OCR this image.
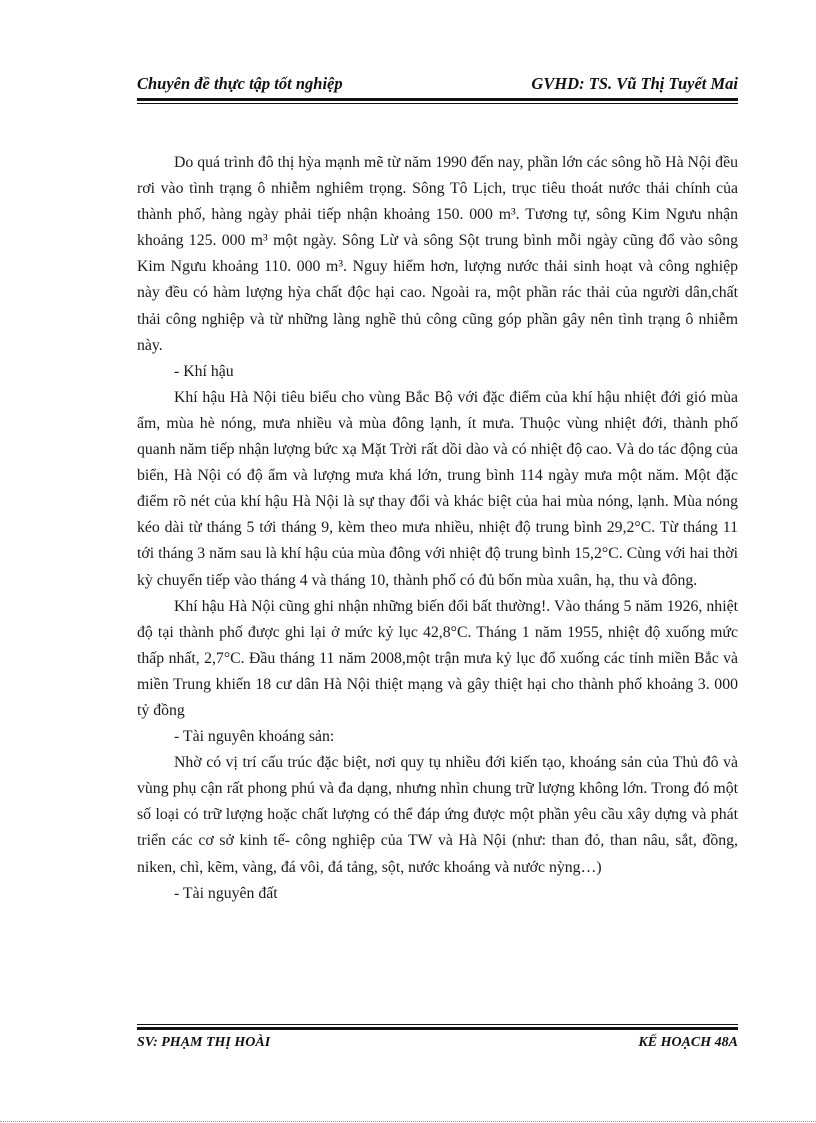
Chuyên đề thực tập tốt nghiệp	GVHD: TS. Vũ Thị Tuyết Mai

Do quá trình đô thị hỳa mạnh mẽ từ năm 1990 đến nay, phần lớn các sông hồ Hà Nội đều rơi vào tình trạng ô nhiễm nghiêm trọng. Sông Tô Lịch, trục tiêu thoát nước thải chính của thành phố, hàng ngày phải tiếp nhận khoảng 150. 000 m³. Tương tự, sông Kim Ngưu nhận khoảng 125. 000 m³ một ngày. Sông Lừ và sông Sột trung bình mỗi ngày cũng đổ vào sông Kim Ngưu khoảng 110. 000 m³. Nguy hiểm hơn, lượng nước thải sinh hoạt và công nghiệp này đều có hàm lượng hỳa chất độc hại cao. Ngoài ra, một phần rác thải của người dân,chất thải công nghiệp và từ những làng nghề thủ công cũng góp phần gây nên tình trạng ô nhiễm này.

- Khí hậu

Khí hậu Hà Nội tiêu biểu cho vùng Bắc Bộ với đặc điểm của khí hậu nhiệt đới gió mùa ẩm, mùa hè nóng, mưa nhiều và mùa đông lạnh, ít mưa. Thuộc vùng nhiệt đới, thành phố quanh năm tiếp nhận lượng bức xạ Mặt Trời rất dồi dào và có nhiệt độ cao. Và do tác động của biển, Hà Nội có độ ẩm và lượng mưa khá lớn, trung bình 114 ngày mưa một năm. Một đặc điểm rõ nét của khí hậu Hà Nội là sự thay đổi và khác biệt của hai mùa nóng, lạnh. Mùa nóng kéo dài từ tháng 5 tới tháng 9, kèm theo mưa nhiều, nhiệt độ trung bình 29,2°C. Từ tháng 11 tới tháng 3 năm sau là khí hậu của mùa đông với nhiệt độ trung bình 15,2°C. Cùng với hai thời kỳ chuyển tiếp vào tháng 4 và tháng 10, thành phố có đủ bốn mùa xuân, hạ, thu và đông.

Khí hậu Hà Nội cũng ghi nhận những biến đổi bất thường!. Vào tháng 5 năm 1926, nhiệt độ tại thành phố được ghi lại ở mức kỷ lục 42,8°C. Tháng 1 năm 1955, nhiệt độ xuống mức thấp nhất, 2,7°C. Đầu tháng 11 năm 2008,một trận mưa kỷ lục đổ xuống các tỉnh miền Bắc và miền Trung khiến 18 cư dân Hà Nội thiệt mạng và gây thiệt hại cho thành phố khoảng 3. 000 tỷ đồng

- Tài nguyên khoáng sản:

Nhờ có vị trí cấu trúc đặc biệt, nơi quy tụ nhiều đới kiến tạo, khoáng sản của Thủ đô và vùng phụ cận rất phong phú và đa dạng, nhưng nhìn chung trữ lượng không lớn. Trong đó một số loại có trữ lượng hoặc chất lượng có thể đáp ứng được một phần yêu cầu xây dựng và phát triển các cơ sở kinh tế- công nghiệp của TW và Hà Nội (như: than đỏ, than nâu, sắt, đồng, niken, chì, kẽm, vàng, đá vôi, đá tảng, sột, nước khoáng và nước nỳng…)

- Tài nguyên đất

SV: PHẠM THỊ HOÀI	KẾ HOẠCH 48A
